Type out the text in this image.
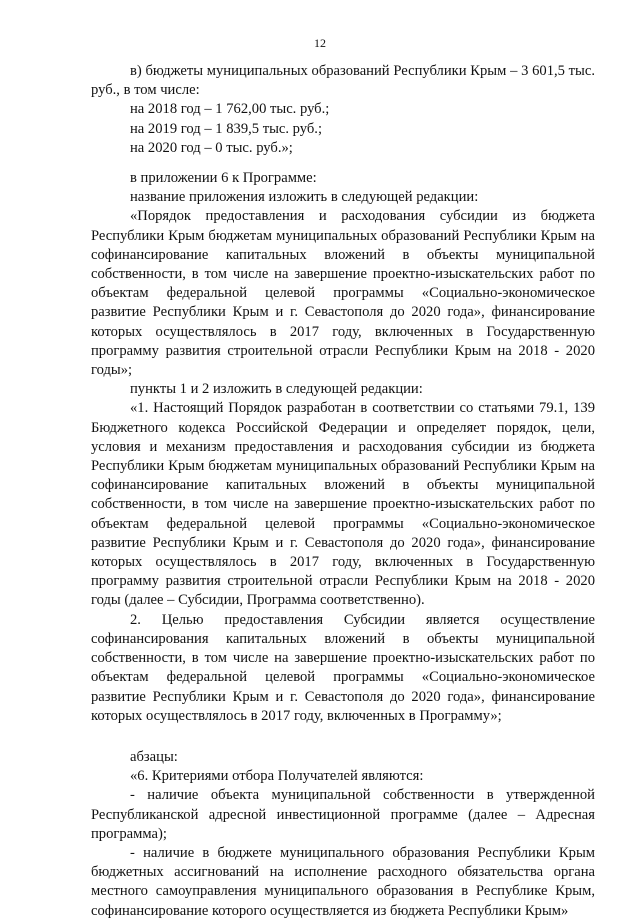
12

в) бюджеты муниципальных образований Республики Крым – 3 601,5 тыс. руб., в том числе:

на 2018 год – 1 762,00 тыс. руб.;

на 2019 год – 1 839,5 тыс. руб.;

на 2020 год – 0 тыс. руб.»;

в приложении 6 к Программе:

название приложения изложить в следующей редакции:

«Порядок предоставления и расходования субсидии из бюджета Республики Крым бюджетам муниципальных образований Республики Крым на софинансирование капитальных вложений в объекты муниципальной собственности, в том числе на завершение проектно-изыскательских работ по объектам федеральной целевой программы «Социально-экономическое развитие Республики Крым и г. Севастополя до 2020 года», финансирование которых осуществлялось в 2017 году, включенных в Государственную программу развития строительной отрасли Республики Крым на 2018 - 2020 годы»;

пункты 1 и 2 изложить в следующей редакции:

«1. Настоящий Порядок разработан в соответствии со статьями 79.1, 139 Бюджетного кодекса Российской Федерации и определяет порядок, цели, условия и механизм предоставления и расходования субсидии из бюджета Республики Крым бюджетам муниципальных образований Республики Крым на софинансирование капитальных вложений в объекты муниципальной собственности, в том числе на завершение проектно-изыскательских работ по объектам федеральной целевой программы «Социально-экономическое развитие Республики Крым и г. Севастополя до 2020 года», финансирование которых осуществлялось в 2017 году, включенных в Государственную программу развития строительной отрасли Республики Крым на 2018 - 2020 годы (далее – Субсидии, Программа соответственно).

2. Целью предоставления Субсидии является осуществление софинансирования капитальных вложений в объекты муниципальной собственности, в том числе на завершение проектно-изыскательских работ по объектам федеральной целевой программы «Социально-экономическое развитие Республики Крым и г. Севастополя до 2020 года», финансирование которых осуществлялось в 2017 году, включенных в Программу»;

абзацы:

«6. Критериями отбора Получателей являются:

- наличие объекта муниципальной собственности в утвержденной Республиканской адресной инвестиционной программе (далее – Адресная программа);

- наличие в бюджете муниципального образования Республики Крым бюджетных ассигнований на исполнение расходного обязательства органа местного самоуправления муниципального образования в Республике Крым, софинансирование которого осуществляется из бюджета Республики Крым»
